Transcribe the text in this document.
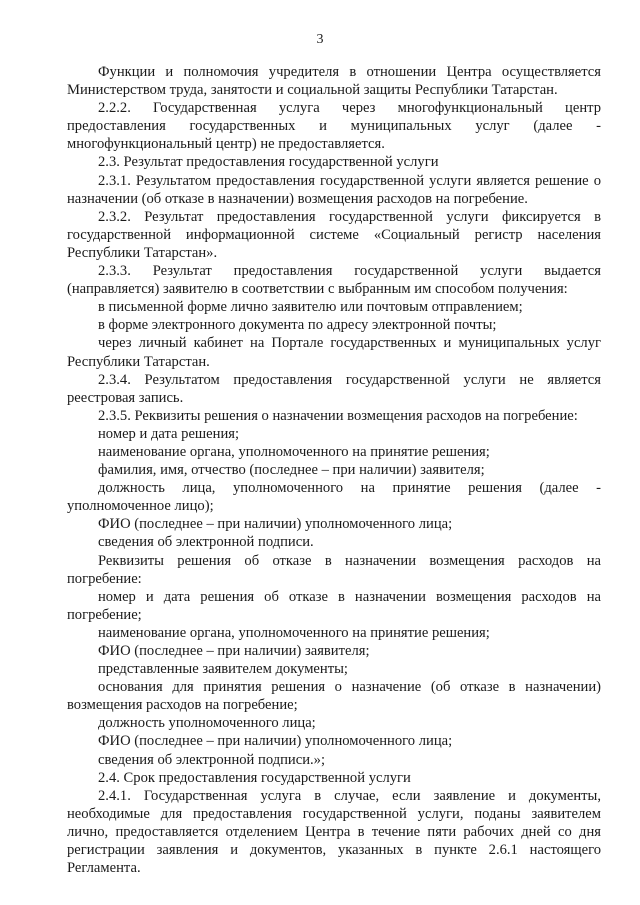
3

Функции и полномочия учредителя в отношении Центра осуществляется Министерством труда, занятости и социальной защиты Республики Татарстан.

2.2.2. Государственная услуга через многофункциональный центр предоставления государственных и муниципальных услуг (далее - многофункциональный центр) не предоставляется.

2.3. Результат предоставления государственной услуги

2.3.1. Результатом предоставления государственной услуги является решение о назначении (об отказе в назначении) возмещения расходов на погребение.

2.3.2. Результат предоставления государственной услуги фиксируется в государственной информационной системе «Социальный регистр населения Республики Татарстан».

2.3.3. Результат предоставления государственной услуги выдается (направляется) заявителю в соответствии с выбранным им способом получения:

в письменной форме лично заявителю или почтовым отправлением;

в форме электронного документа по адресу электронной почты;

через личный кабинет на Портале государственных и муниципальных услуг Республики Татарстан.

2.3.4. Результатом предоставления государственной услуги не является реестровая запись.

2.3.5. Реквизиты решения о назначении возмещения расходов на погребение:

номер и дата решения;

наименование органа, уполномоченного на принятие решения;

фамилия, имя, отчество (последнее – при наличии) заявителя;

должность лица, уполномоченного на принятие решения (далее - уполномоченное лицо);

ФИО (последнее – при наличии) уполномоченного лица;

сведения об электронной подписи.

Реквизиты решения об отказе в назначении возмещения расходов на погребение:

номер и дата решения об отказе в назначении возмещения расходов на погребение;

наименование органа, уполномоченного на принятие решения;

ФИО (последнее – при наличии) заявителя;

представленные заявителем документы;

основания для принятия решения о назначение (об отказе в назначении) возмещения расходов на погребение;

должность уполномоченного лица;

ФИО (последнее – при наличии) уполномоченного лица;

сведения об электронной подписи.»;

2.4. Срок предоставления государственной услуги

2.4.1. Государственная услуга в случае, если заявление и документы, необходимые для предоставления государственной услуги, поданы заявителем лично, предоставляется отделением Центра в течение пяти рабочих дней со дня регистрации заявления и документов, указанных в пункте 2.6.1 настоящего Регламента.
